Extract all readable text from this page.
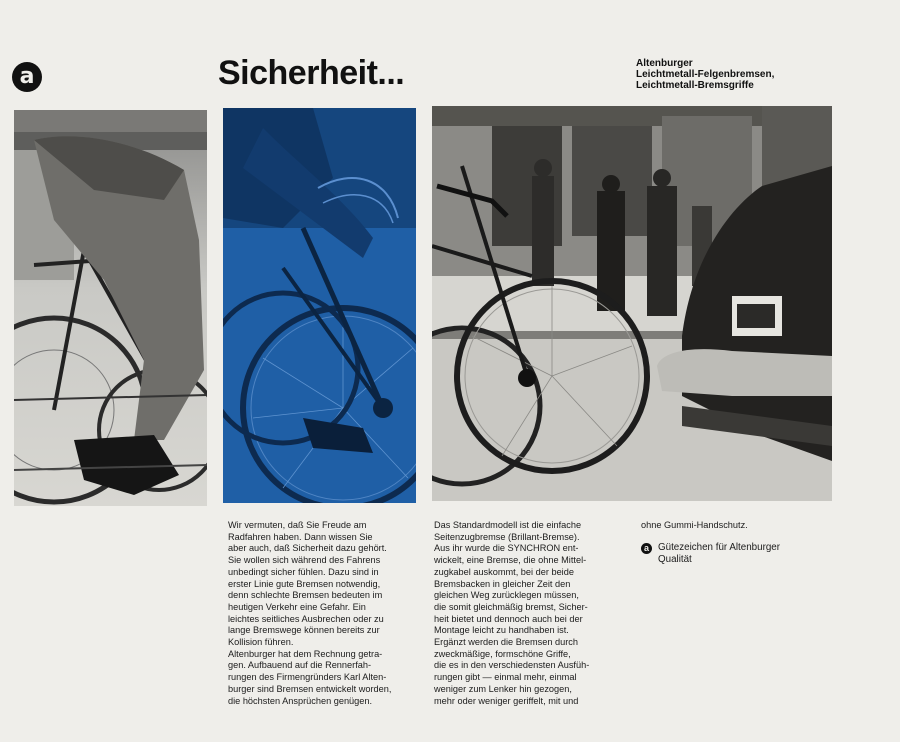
a	Sicherheit...	Altenburger
Leichtmetall-Felgenbremsen,
Leichtmetall-Bremsgriffe

Wir vermuten, daß Sie Freude am

Radfahren haben. Dann wissen Sie

aber auch, daß Sicherheit dazu gehört.

Sie wollen sich während des Fahrens

unbedingt sicher fühlen. Dazu sind in

erster Linie gute Bremsen notwendig,

denn schlechte Bremsen bedeuten im

heutigen Verkehr eine Gefahr. Ein

leichtes seitliches Ausbrechen oder zu

lange Bremswege können bereits zur

Kollision führen.

Altenburger hat dem Rechnung getra-

gen. Aufbauend auf die Rennerfah-

rungen des Firmengründers Karl Alten-

burger sind Bremsen entwickelt worden,

die höchsten Ansprüchen genügen.

Das Standardmodell ist die einfache

Seitenzugbremse (Brillant-Bremse).

Aus ihr wurde die SYNCHRON ent-

wickelt, eine Bremse, die ohne Mittel-

zugkabel auskommt, bei der beide

Bremsbacken in gleicher Zeit den

gleichen Weg zurücklegen müssen,

die somit gleichmäßig bremst, Sicher-

heit bietet und dennoch auch bei der

Montage leicht zu handhaben ist.

Ergänzt werden die Bremsen durch

zweckmäßige, formschöne Griffe,

die es in den verschiedensten Ausfüh-

rungen gibt — einmal mehr, einmal

weniger zum Lenker hin gezogen,

mehr oder weniger geriffelt, mit und

ohne Gummi-Handschutz.

a Gütezeichen für Altenburger
Qualität
